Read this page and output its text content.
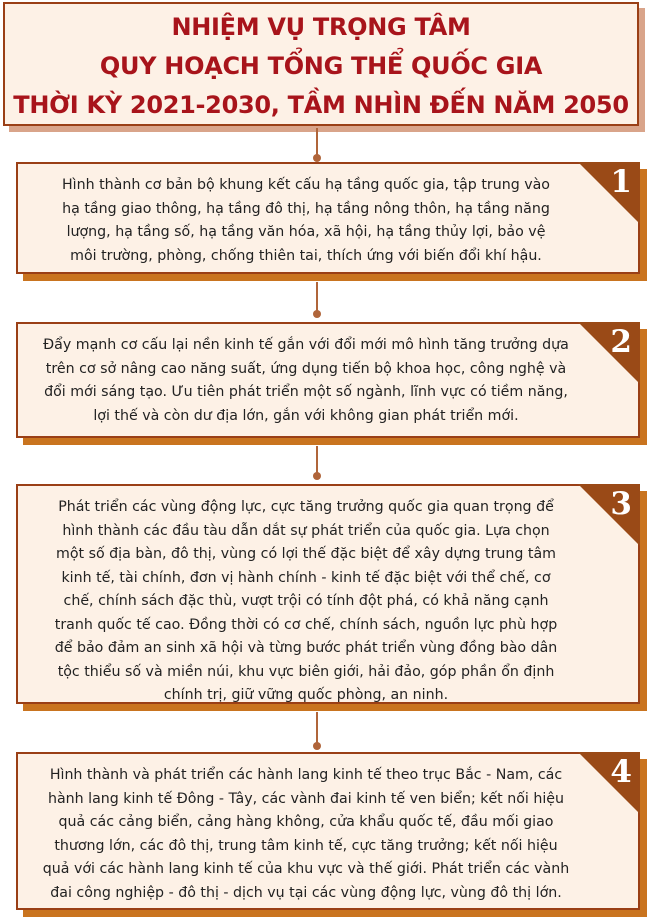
NHIỆM VỤ TRỌNG TÂM
QUY HOẠCH TỔNG THỂ QUỐC GIA
THỜI KỲ 2021-2030, TẦM NHÌN ĐẾN NĂM 2050
Hình thành cơ bản bộ khung kết cấu hạ tầng quốc gia, tập trung vào
hạ tầng giao thông, hạ tầng đô thị, hạ tầng nông thôn, hạ tầng năng
lượng, hạ tầng số, hạ tầng văn hóa, xã hội, hạ tầng thủy lợi, bảo vệ
môi trường, phòng, chống thiên tai, thích ứng với biến đổi khí hậu.
1
Đẩy mạnh cơ cấu lại nền kinh tế gắn với đổi mới mô hình tăng trưởng dựa
trên cơ sở nâng cao năng suất, ứng dụng tiến bộ khoa học, công nghệ và
đổi mới sáng tạo. Ưu tiên phát triển một số ngành, lĩnh vực có tiềm năng,
lợi thế và còn dư địa lớn, gắn với không gian phát triển mới.
2
Phát triển các vùng động lực, cực tăng trưởng quốc gia quan trọng để
hình thành các đầu tàu dẫn dắt sự phát triển của quốc gia. Lựa chọn
một số địa bàn, đô thị, vùng có lợi thế đặc biệt để xây dựng trung tâm
kinh tế, tài chính, đơn vị hành chính - kinh tế đặc biệt với thể chế, cơ
chế, chính sách đặc thù, vượt trội có tính đột phá, có khả năng cạnh
tranh quốc tế cao. Đồng thời có cơ chế, chính sách, nguồn lực phù hợp
để bảo đảm an sinh xã hội và từng bước phát triển vùng đồng bào dân
tộc thiểu số và miền núi, khu vực biên giới, hải đảo, góp phần ổn định
chính trị, giữ vững quốc phòng, an ninh.
3
Hình thành và phát triển các hành lang kinh tế theo trục Bắc - Nam, các
hành lang kinh tế Đông - Tây, các vành đai kinh tế ven biển; kết nối hiệu
quả các cảng biển, cảng hàng không, cửa khẩu quốc tế, đầu mối giao
thương lớn, các đô thị, trung tâm kinh tế, cực tăng trưởng; kết nối hiệu
quả với các hành lang kinh tế của khu vực và thế giới. Phát triển các vành
đai công nghiệp - đô thị - dịch vụ tại các vùng động lực, vùng đô thị lớn.
4
